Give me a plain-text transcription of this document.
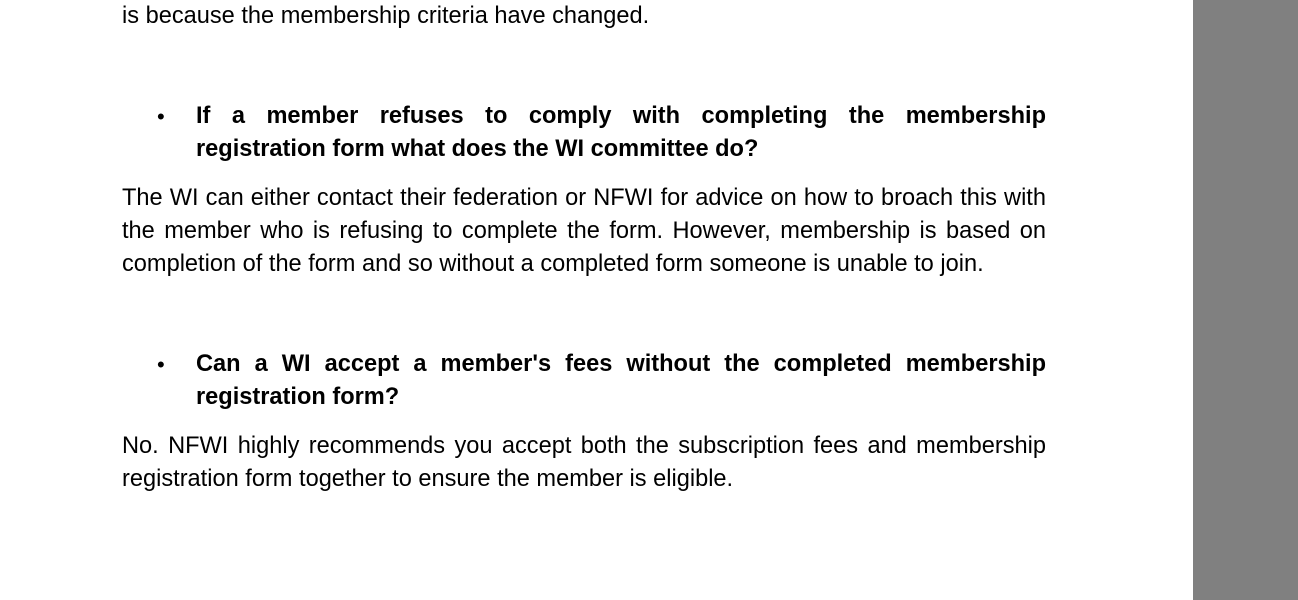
is because the membership criteria have changed.

• If a member refuses to comply with completing the membership registration form what does the WI committee do?

The WI can either contact their federation or NFWI for advice on how to broach this with the member who is refusing to complete the form. However, membership is based on completion of the form and so without a completed form someone is unable to join.

• Can a WI accept a member's fees without the completed membership registration form?

No. NFWI highly recommends you accept both the subscription fees and membership registration form together to ensure the member is eligible.
